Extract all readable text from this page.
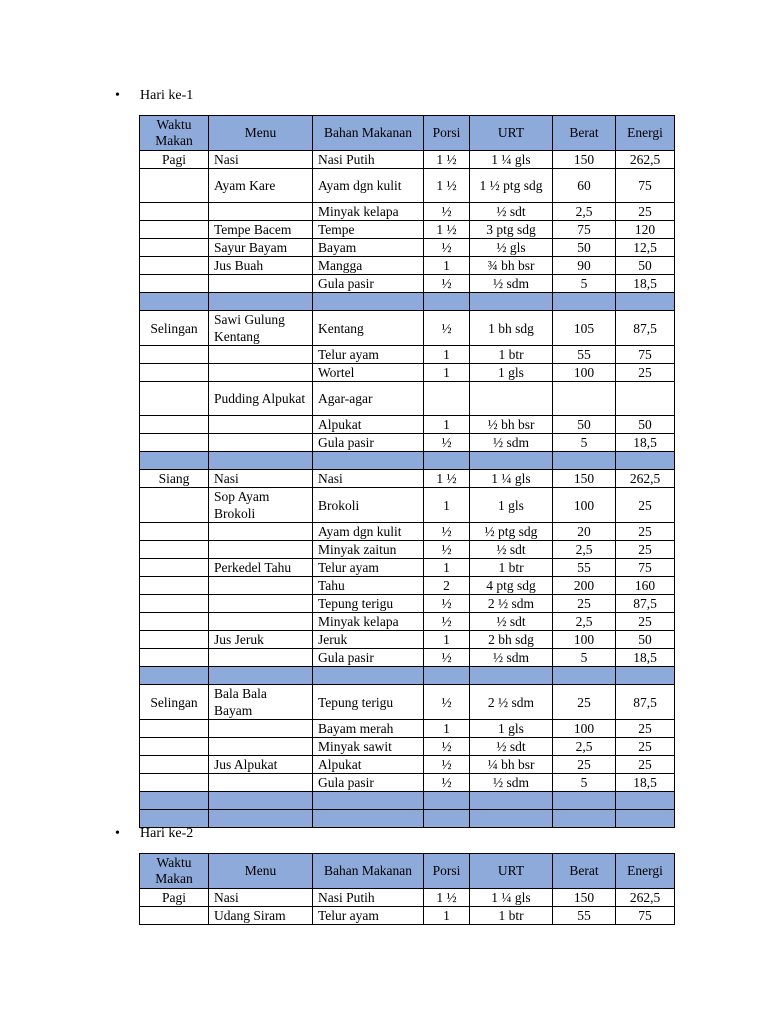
•	Hari ke-1
Waktu Makan	Menu	Bahan Makanan	Porsi	URT	Berat	Energi
Pagi	Nasi	Nasi Putih	1 ½	1 ¼ gls	150	262,5
	Ayam Kare	Ayam dgn kulit	1 ½	1 ½ ptg sdg	60	75
		Minyak kelapa	½	½ sdt	2,5	25
	Tempe Bacem	Tempe	1 ½	3 ptg sdg	75	120
	Sayur Bayam	Bayam	½	½ gls	50	12,5
	Jus Buah	Mangga	1	¾ bh bsr	90	50
		Gula pasir	½	½ sdm	5	18,5

Selingan	Sawi Gulung Kentang	Kentang	½	1 bh sdg	105	87,5
		Telur ayam	1	1 btr	55	75
		Wortel	1	1 gls	100	25
	Pudding Alpukat	Agar-agar				
		Alpukat	1	½ bh bsr	50	50
		Gula pasir	½	½ sdm	5	18,5

Siang	Nasi	Nasi	1 ½	1 ¼ gls	150	262,5
	Sop Ayam Brokoli	Brokoli	1	1 gls	100	25
		Ayam dgn kulit	½	½ ptg sdg	20	25
		Minyak zaitun	½	½ sdt	2,5	25
	Perkedel Tahu	Telur ayam	1	1 btr	55	75
		Tahu	2	4 ptg sdg	200	160
		Tepung terigu	½	2 ½ sdm	25	87,5
		Minyak kelapa	½	½ sdt	2,5	25
	Jus Jeruk	Jeruk	1	2 bh sdg	100	50
		Gula pasir	½	½ sdm	5	18,5

Selingan	Bala Bala Bayam	Tepung terigu	½	2 ½ sdm	25	87,5
		Bayam merah	1	1 gls	100	25
		Minyak sawit	½	½ sdt	2,5	25
	Jus Alpukat	Alpukat	½	¼ bh bsr	25	25
		Gula pasir	½	½ sdm	5	18,5

•	Hari ke-2
Waktu Makan	Menu	Bahan Makanan	Porsi	URT	Berat	Energi
Pagi	Nasi	Nasi Putih	1 ½	1 ¼ gls	150	262,5
	Udang Siram	Telur ayam	1	1 btr	55	75
